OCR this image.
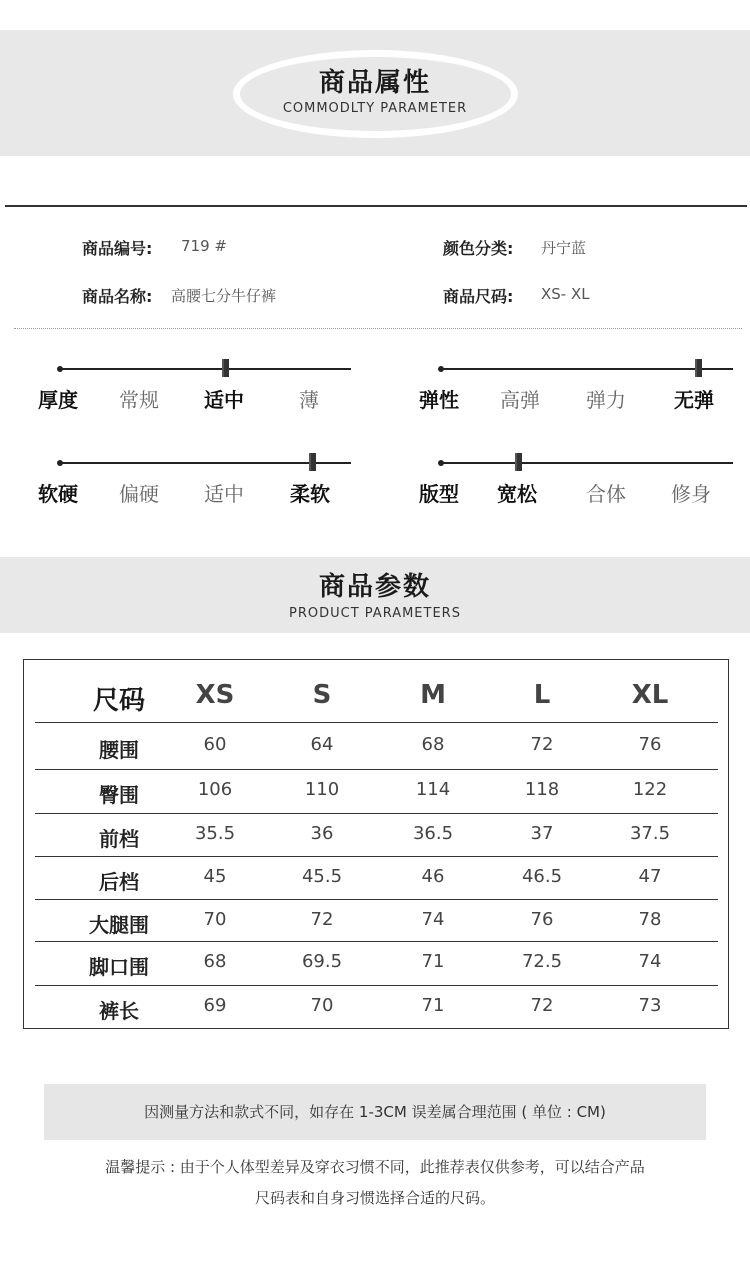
商品属性
COMMODLTY PARAMETER
商品编号: 719 #	颜色分类: 丹宁蓝
商品名称: 高腰七分牛仔裤	商品尺码: XS- XL
厚度 常规 适中	薄	弹性 高弹 弹力 无弹
软硬 偏硬 适中 柔软	版型 宽松 合体 修身
商品参数
PRODUCT PARAMETERS
尺码	XS	S	M	L	XL
腰围	60	64	68	72	76
臀围	106	110	114	118	122
前档	35.5	36	36.5	37	37.5
后档	45	45.5	46	46.5	47
大腿围	70	72	74	76	78
脚口围	68	69.5	71	72.5	74
裤长	69	70	71	72	73
因测量方法和款式不同，如存在 1-3CM 误差属合理范围 ( 单位 : CM)
温馨提示 : 由于个人体型差异及穿衣习惯不同，此推荐表仅供参考，可以结合产品
尺码表和自身习惯选择合适的尺码。
